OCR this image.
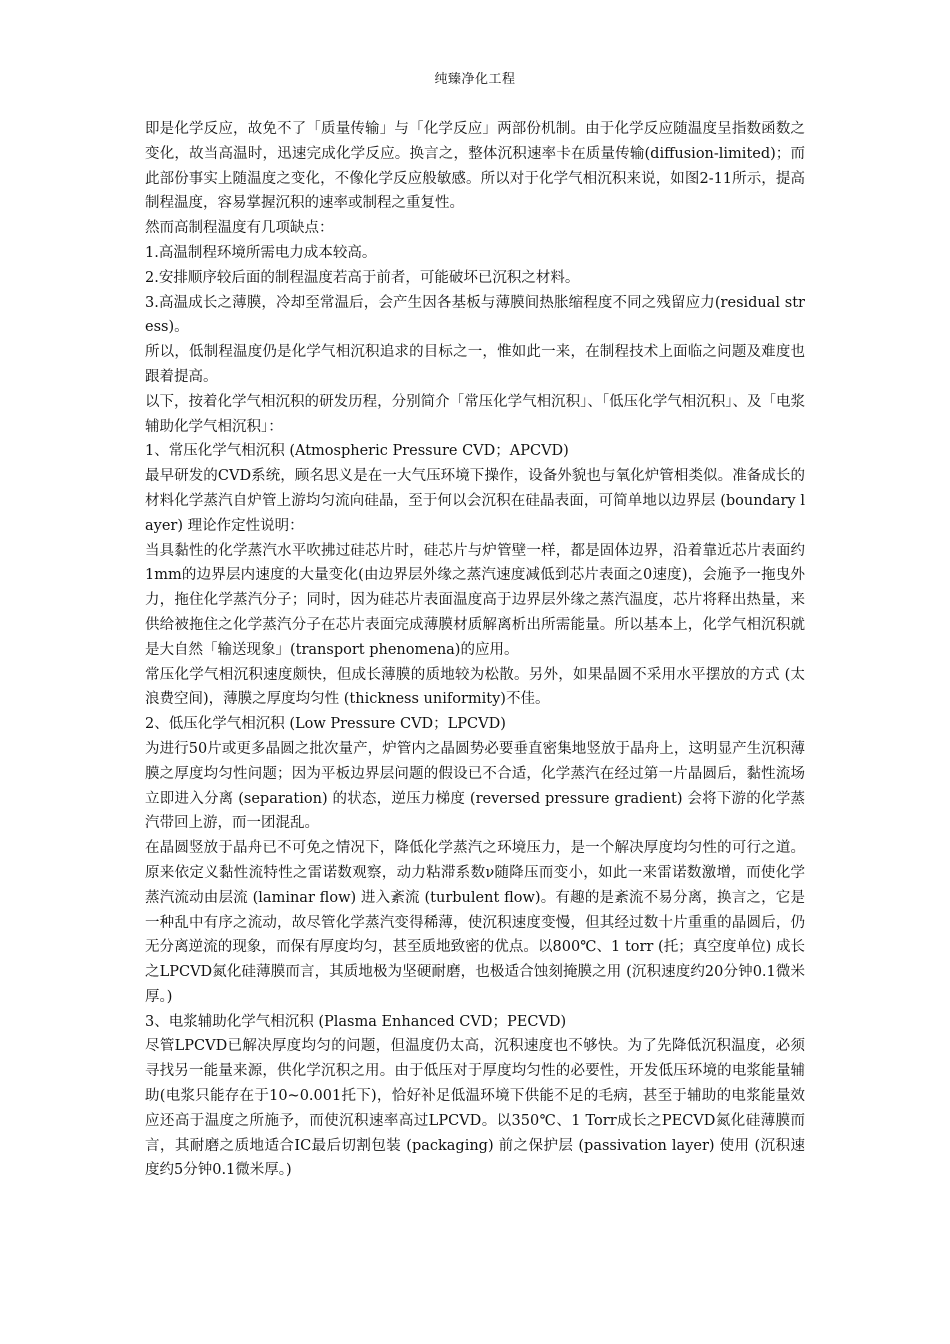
纯臻净化工程

即是化学反应，故免不了「质量传输」与「化学反应」两部份机制。由于化学反应随温度呈指数函数之变化，故当高温时，迅速完成化学反应。换言之，整体沉积速率卡在质量传输(diffusion-limited)；而此部份事实上随温度之变化，不像化学反应般敏感。所以对于化学气相沉积来说，如图2-11所示，提高制程温度，容易掌握沉积的速率或制程之重复性。

然而高制程温度有几项缺点：

1.高温制程环境所需电力成本较高。

2.安排顺序较后面的制程温度若高于前者，可能破坏已沉积之材料。

3.高温成长之薄膜，冷却至常温后，会产生因各基板与薄膜间热胀缩程度不同之残留应力(residual stress)。

所以，低制程温度仍是化学气相沉积追求的目标之一，惟如此一来，在制程技术上面临之问题及难度也跟着提高。

以下，按着化学气相沉积的研发历程，分别简介「常压化学气相沉积」、「低压化学气相沉积」、及「电浆辅助化学气相沉积」：

1、常压化学气相沉积 (Atmospheric Pressure CVD；APCVD)

最早研发的CVD系统，顾名思义是在一大气压环境下操作，设备外貌也与氧化炉管相类似。准备成长的材料化学蒸汽自炉管上游均匀流向硅晶，至于何以会沉积在硅晶表面，可简单地以边界层 (boundary layer) 理论作定性说明：

当具黏性的化学蒸汽水平吹拂过硅芯片时，硅芯片与炉管壁一样，都是固体边界，沿着靠近芯片表面约1mm的边界层内速度的大量变化(由边界层外缘之蒸汽速度减低到芯片表面之0速度)，会施予一拖曳外力，拖住化学蒸汽分子；同时，因为硅芯片表面温度高于边界层外缘之蒸汽温度，芯片将释出热量，来供给被拖住之化学蒸汽分子在芯片表面完成薄膜材质解离析出所需能量。所以基本上，化学气相沉积就是大自然「输送现象」(transport phenomena)的应用。

常压化学气相沉积速度颇快，但成长薄膜的质地较为松散。另外，如果晶圆不采用水平摆放的方式 (太浪费空间)，薄膜之厚度均匀性 (thickness uniformity)不佳。

2、低压化学气相沉积 (Low Pressure CVD；LPCVD)

为进行50片或更多晶圆之批次量产，炉管内之晶圆势必要垂直密集地竖放于晶舟上，这明显产生沉积薄膜之厚度均匀性问题；因为平板边界层问题的假设已不合适，化学蒸汽在经过第一片晶圆后，黏性流场立即进入分离 (separation) 的状态，逆压力梯度 (reversed pressure gradient) 会将下游的化学蒸汽带回上游，而一团混乱。

在晶圆竖放于晶舟已不可免之情况下，降低化学蒸汽之环境压力，是一个解决厚度均匀性的可行之道。原来依定义黏性流特性之雷诺数观察，动力粘滞系数ν随降压而变小，如此一来雷诺数激增，而使化学蒸汽流动由层流 (laminar flow) 进入紊流 (turbulent flow)。有趣的是紊流不易分离，换言之，它是一种乱中有序之流动，故尽管化学蒸汽变得稀薄，使沉积速度变慢，但其经过数十片重重的晶圆后，仍无分离逆流的现象，而保有厚度均匀，甚至质地致密的优点。以800℃、1 torr (托；真空度单位) 成长之LPCVD氮化硅薄膜而言，其质地极为坚硬耐磨，也极适合蚀刻掩膜之用 (沉积速度约20分钟0.1微米厚。)

3、电浆辅助化学气相沉积 (Plasma Enhanced CVD；PECVD)

尽管LPCVD已解决厚度均匀的问题，但温度仍太高，沉积速度也不够快。为了先降低沉积温度，必须寻找另一能量来源，供化学沉积之用。由于低压对于厚度均匀性的必要性，开发低压环境的电浆能量辅助(电浆只能存在于10~0.001托下)，恰好补足低温环境下供能不足的毛病，甚至于辅助的电浆能量效应还高于温度之所施予，而使沉积速率高过LPCVD。以350℃、1 Torr成长之PECVD氮化硅薄膜而言，其耐磨之质地适合IC最后切割包装 (packaging) 前之保护层 (passivation layer) 使用 (沉积速度约5分钟0.1微米厚。)
